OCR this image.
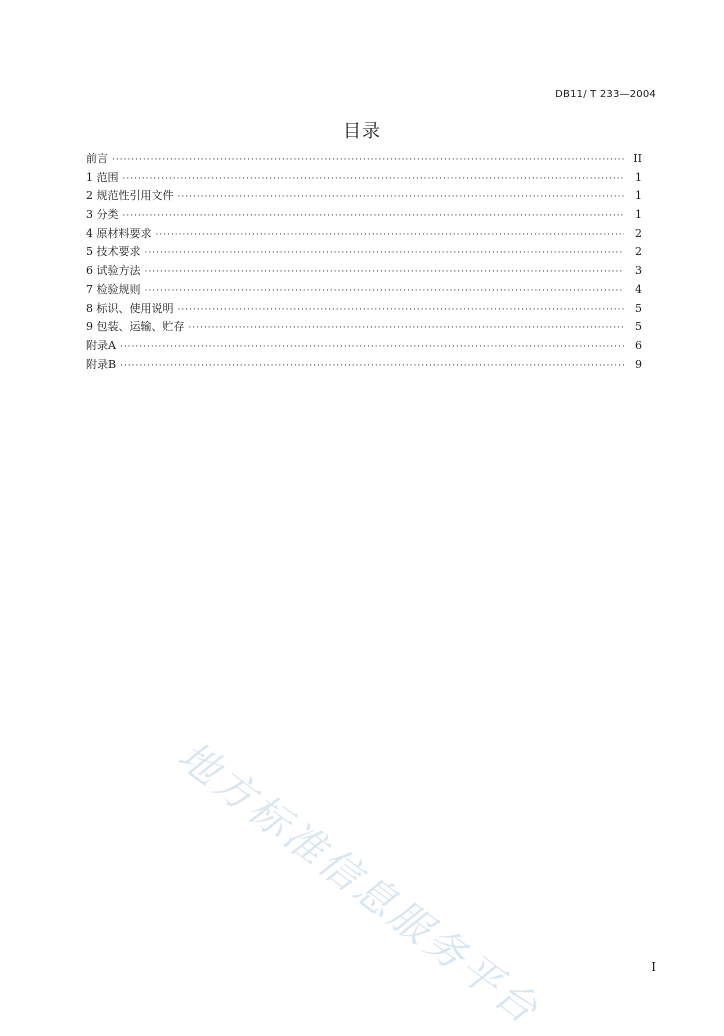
DB11/ T 233—2004
目录
前言 ·····	II
1 范围 ·····	1
2 规范性引用文件 ·····	1
3 分类 ·····	1
4 原材料要求 ·····	2
5 技术要求 ·····	2
6 试验方法 ·····	3
7 检验规则 ·····	4
8 标识、使用说明 ·····	5
9 包装、运输、贮存 ·····	5
附录A ·····	6
附录B ·····	9
地方标准信息服务平台	I
